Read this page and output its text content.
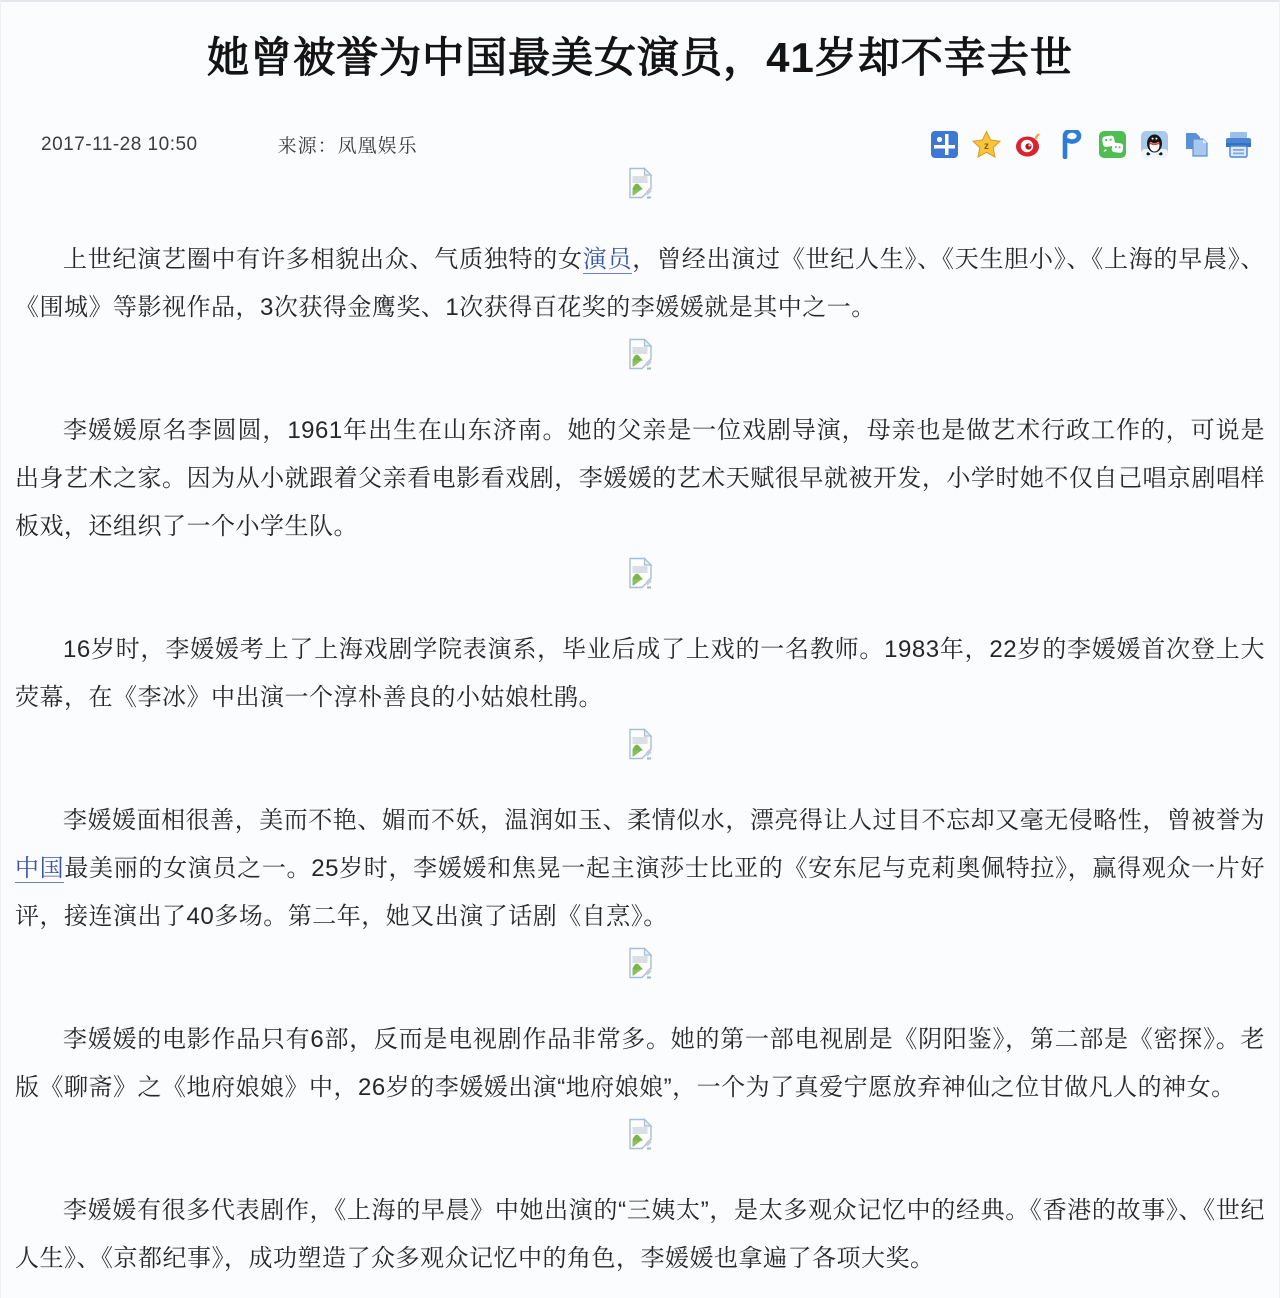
她曾被誉为中国最美女演员，41岁却不幸去世
2017-11-28 10:50	来源：凤凰娱乐	z

上世纪演艺圈中有许多相貌出众、气质独特的女演员，曾经出演过《世纪人生》、《天生胆小》、《上海的早晨》、《围城》等影视作品，3次获得金鹰奖、1次获得百花奖的李媛媛就是其中之一。

李媛媛原名李圆圆，1961年出生在山东济南。她的父亲是一位戏剧导演，母亲也是做艺术行政工作的，可说是出身艺术之家。因为从小就跟着父亲看电影看戏剧，李媛媛的艺术天赋很早就被开发，小学时她不仅自己唱京剧唱样板戏，还组织了一个小学生队。

16岁时，李媛媛考上了上海戏剧学院表演系，毕业后成了上戏的一名教师。1983年，22岁的李媛媛首次登上大荧幕，在《李冰》中出演一个淳朴善良的小姑娘杜鹃。

李媛媛面相很善，美而不艳、媚而不妖，温润如玉、柔情似水，漂亮得让人过目不忘却又毫无侵略性，曾被誉为中国最美丽的女演员之一。25岁时，李媛媛和焦晃一起主演莎士比亚的《安东尼与克莉奥佩特拉》，赢得观众一片好评，接连演出了40多场。第二年，她又出演了话剧《自烹》。

李媛媛的电影作品只有6部，反而是电视剧作品非常多。她的第一部电视剧是《阴阳鉴》，第二部是《密探》。老版《聊斋》之《地府娘娘》中，26岁的李媛媛出演“地府娘娘”，一个为了真爱宁愿放弃神仙之位甘做凡人的神女。

李媛媛有很多代表剧作，《上海的早晨》中她出演的“三姨太”，是太多观众记忆中的经典。《香港的故事》、《世纪人生》、《京都纪事》，成功塑造了众多观众记忆中的角色，李媛媛也拿遍了各项大奖。
